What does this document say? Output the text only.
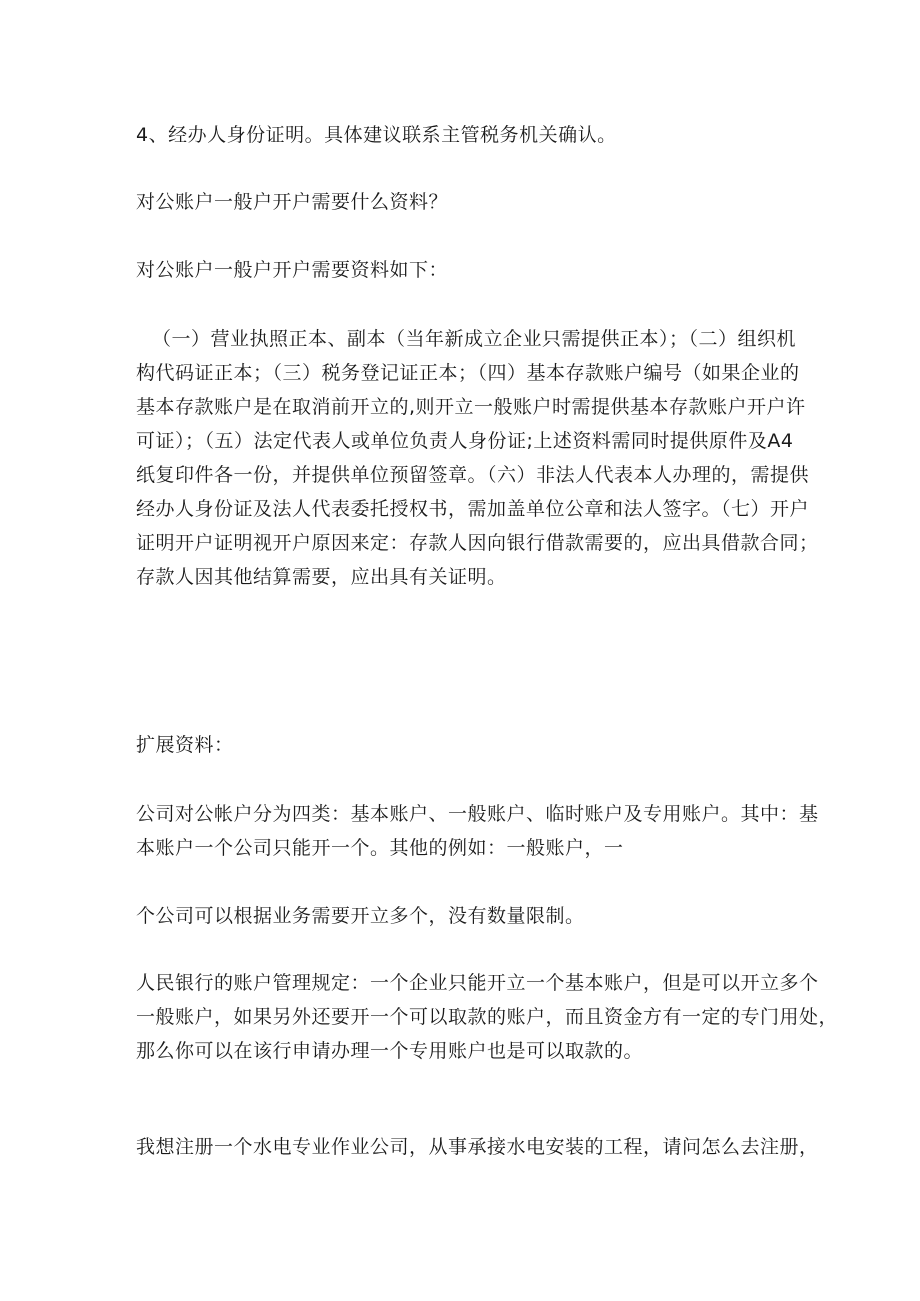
4、经办人身份证明。具体建议联系主管税务机关确认。

对公账户一般户开户需要什么资料？

对公账户一般户开户需要资料如下：

（一）营业执照正本、副本（当年新成立企业只需提供正本）；（二）组织机
构代码证正本；（三）税务登记证正本；（四）基本存款账户编号（如果企业的
基本存款账户是在取消前开立的,则开立一般账户时需提供基本存款账户开户许
可证）；（五）法定代表人或单位负责人身份证;上述资料需同时提供原件及A4
纸复印件各一份，并提供单位预留签章。（六）非法人代表本人办理的，需提供
经办人身份证及法人代表委托授权书，需加盖单位公章和法人签字。（七）开户
证明开户证明视开户原因来定：存款人因向银行借款需要的，应出具借款合同；
存款人因其他结算需要，应出具有关证明。

扩展资料：

公司对公帐户分为四类：基本账户、一般账户、临时账户及专用账户。其中：基
本账户一个公司只能开一个。其他的例如：一般账户，一

个公司可以根据业务需要开立多个，没有数量限制。

人民银行的账户管理规定：一个企业只能开立一个基本账户，但是可以开立多个
一般账户，如果另外还要开一个可以取款的账户，而且资金方有一定的专门用处，
那么你可以在该行申请办理一个专用账户也是可以取款的。

我想注册一个水电专业作业公司，从事承接水电安装的工程，请问怎么去注册，
